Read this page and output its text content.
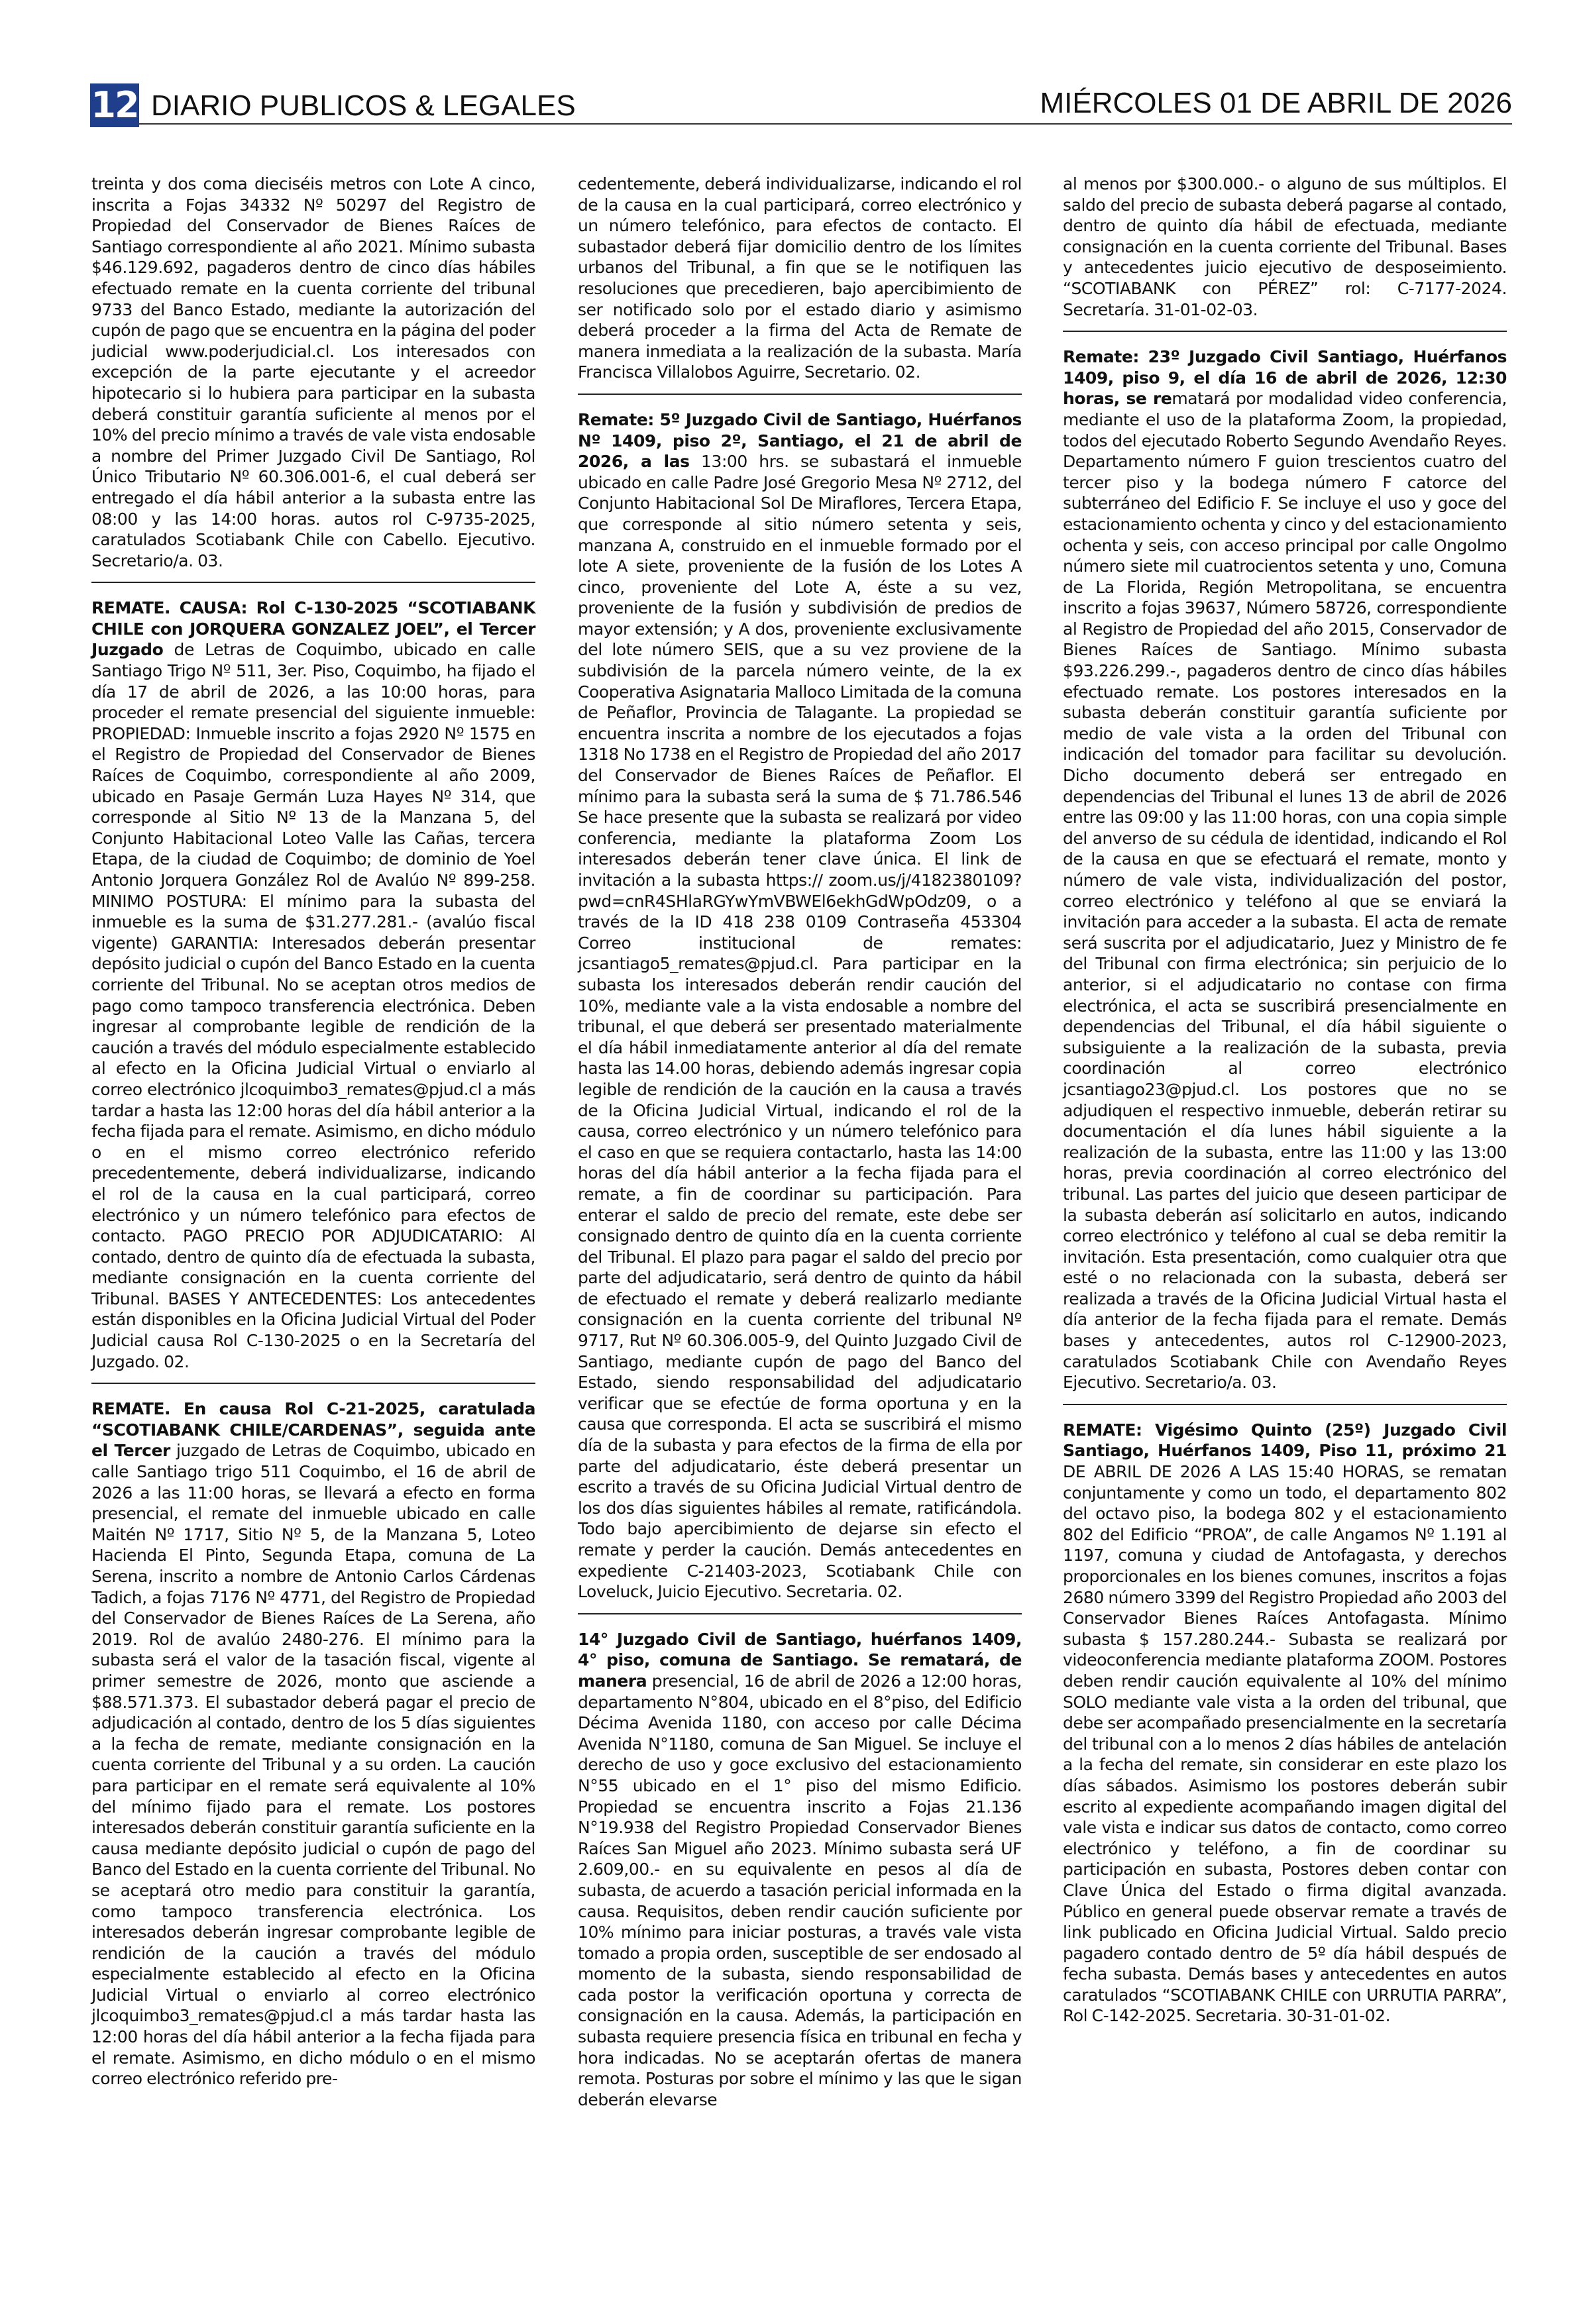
12 DIARIO PUBLICOS & LEGALES	MIÉRCOLES 01 DE ABRIL DE 2026

treinta y dos coma dieciséis metros con Lote A cinco, inscrita a Fojas 34332 Nº 50297 del Registro de Propiedad del Conservador de Bienes Raíces de Santiago correspondiente al año 2021. Mínimo subasta $46.129.692, pagaderos dentro de cinco días hábiles efectuado remate en la cuenta corriente del tribunal 9733 del Banco Estado, mediante la autorización del cupón de pago que se encuentra en la página del poder judicial www.poderjudicial.cl. Los interesados con excepción de la parte ejecutante y el acreedor hipotecario si lo hubiera para participar en la subasta deberá constituir garantía suficiente al menos por el 10% del precio mínimo a través de vale vista endosable a nombre del Primer Juzgado Civil De Santiago, Rol Único Tributario Nº 60.306.001-6, el cual deberá ser entregado el día hábil anterior a la subasta entre las 08:00 y las 14:00 horas. autos rol C-9735-2025, caratulados Scotiabank Chile con Cabello. Ejecutivo. Secretario/a. 03.

REMATE. CAUSA: Rol C-130-2025 “SCOTIABANK CHILE con JORQUERA GONZALEZ JOEL”, el Tercer Juzgado de Letras de Coquimbo, ubicado en calle Santiago Trigo Nº 511, 3er. Piso, Coquimbo, ha fijado el día 17 de abril de 2026, a las 10:00 horas, para proceder el remate presencial del siguiente inmueble: PROPIEDAD: Inmueble inscrito a fojas 2920 Nº 1575 en el Registro de Propiedad del Conservador de Bienes Raíces de Coquimbo, correspondiente al año 2009, ubicado en Pasaje Germán Luza Hayes Nº 314, que corresponde al Sitio Nº 13 de la Manzana 5, del Conjunto Habitacional Loteo Valle las Cañas, tercera Etapa, de la ciudad de Coquimbo; de dominio de Yoel Antonio Jorquera González Rol de Avalúo Nº 899-258. MINIMO POSTURA: El mínimo para la subasta del inmueble es la suma de $31.277.281.- (avalúo fiscal vigente) GARANTIA: Interesados deberán presentar depósito judicial o cupón del Banco Estado en la cuenta corriente del Tribunal. No se aceptan otros medios de pago como tampoco transferencia electrónica. Deben ingresar al comprobante legible de rendición de la caución a través del módulo especialmente establecido al efecto en la Oficina Judicial Virtual o enviarlo al correo electrónico jlcoquimbo3_remates@pjud.cl a más tardar a hasta las 12:00 horas del día hábil anterior a la fecha fijada para el remate. Asimismo, en dicho módulo o en el mismo correo electrónico referido precedentemente, deberá individualizarse, indicando el rol de la causa en la cual participará, correo electrónico y un número telefónico para efectos de contacto. PAGO PRECIO POR ADJUDICATARIO: Al contado, dentro de quinto día de efectuada la subasta, mediante consignación en la cuenta corriente del Tribunal. BASES Y ANTECEDENTES: Los antecedentes están disponibles en la Oficina Judicial Virtual del Poder Judicial causa Rol C-130-2025 o en la Secretaría del Juzgado. 02.

REMATE. En causa Rol C-21-2025, caratulada “SCOTIABANK CHILE/CARDENAS”, seguida ante el Tercer juzgado de Letras de Coquimbo, ubicado en calle Santiago trigo 511 Coquimbo, el 16 de abril de 2026 a las 11:00 horas, se llevará a efecto en forma presencial, el remate del inmueble ubicado en calle Maitén Nº 1717, Sitio Nº 5, de la Manzana 5, Loteo Hacienda El Pinto, Segunda Etapa, comuna de La Serena, inscrito a nombre de Antonio Carlos Cárdenas Tadich, a fojas 7176 Nº 4771, del Registro de Propiedad del Conservador de Bienes Raíces de La Serena, año 2019. Rol de avalúo 2480-276. El mínimo para la subasta será el valor de la tasación fiscal, vigente al primer semestre de 2026, monto que asciende a $88.571.373. El subastador deberá pagar el precio de adjudicación al contado, dentro de los 5 días siguientes a la fecha de remate, mediante consignación en la cuenta corriente del Tribunal y a su orden. La caución para participar en el remate será equivalente al 10% del mínimo fijado para el remate. Los postores interesados deberán constituir garantía suficiente en la causa mediante depósito judicial o cupón de pago del Banco del Estado en la cuenta corriente del Tribunal. No se aceptará otro medio para constituir la garantía, como tampoco transferencia electrónica. Los interesados deberán ingresar comprobante legible de rendición de la caución a través del módulo especialmente establecido al efecto en la Oficina Judicial Virtual o enviarlo al correo electrónico jlcoquimbo3_remates@pjud.cl a más tardar hasta las 12:00 horas del día hábil anterior a la fecha fijada para el remate. Asimismo, en dicho módulo o en el mismo correo electrónico referido pre-

cedentemente, deberá individualizarse, indicando el rol de la causa en la cual participará, correo electrónico y un número telefónico, para efectos de contacto. El subastador deberá fijar domicilio dentro de los límites urbanos del Tribunal, a fin que se le notifiquen las resoluciones que precedieren, bajo apercibimiento de ser notificado solo por el estado diario y asimismo deberá proceder a la firma del Acta de Remate de manera inmediata a la realización de la subasta. María Francisca Villalobos Aguirre, Secretario. 02.

Remate: 5º Juzgado Civil de Santiago, Huérfanos Nº 1409, piso 2º, Santiago, el 21 de abril de 2026, a las 13:00 hrs. se subastará el inmueble ubicado en calle Padre José Gregorio Mesa Nº 2712, del Conjunto Habitacional Sol De Miraflores, Tercera Etapa, que corresponde al sitio número setenta y seis, manzana A, construido en el inmueble formado por el lote A siete, proveniente de la fusión de los Lotes A cinco, proveniente del Lote A, éste a su vez, proveniente de la fusión y subdivisión de predios de mayor extensión; y A dos, proveniente exclusivamente del lote número SEIS, que a su vez proviene de la subdivisión de la parcela número veinte, de la ex Cooperativa Asignataria Malloco Limitada de la comuna de Peñaflor, Provincia de Talagante. La propiedad se encuentra inscrita a nombre de los ejecutados a fojas 1318 No 1738 en el Registro de Propiedad del año 2017 del Conservador de Bienes Raíces de Peñaflor. El mínimo para la subasta será la suma de $ 71.786.546 Se hace presente que la subasta se realizará por video conferencia, mediante la plataforma Zoom Los interesados deberán tener clave única. El link de invitación a la subasta https:// zoom.us/j/4182380109?pwd=cnR4SHlaRGYwYmVBWEl6ekhGdWpOdz09, o a través de la ID 418 238 0109 Contraseña 453304 Correo institucional de remates: jcsantiago5_remates@pjud.cl. Para participar en la subasta los interesados deberán rendir caución del 10%, mediante vale a la vista endosable a nombre del tribunal, el que deberá ser presentado materialmente el día hábil inmediatamente anterior al día del remate hasta las 14.00 horas, debiendo además ingresar copia legible de rendición de la caución en la causa a través de la Oficina Judicial Virtual, indicando el rol de la causa, correo electrónico y un número telefónico para el caso en que se requiera contactarlo, hasta las 14:00 horas del día hábil anterior a la fecha fijada para el remate, a fin de coordinar su participación. Para enterar el saldo de precio del remate, este debe ser consignado dentro de quinto día en la cuenta corriente del Tribunal. El plazo para pagar el saldo del precio por parte del adjudicatario, será dentro de quinto da hábil de efectuado el remate y deberá realizarlo mediante consignación en la cuenta corriente del tribunal Nº 9717, Rut Nº 60.306.005-9, del Quinto Juzgado Civil de Santiago, mediante cupón de pago del Banco del Estado, siendo responsabilidad del adjudicatario verificar que se efectúe de forma oportuna y en la causa que corresponda. El acta se suscribirá el mismo día de la subasta y para efectos de la firma de ella por parte del adjudicatario, éste deberá presentar un escrito a través de su Oficina Judicial Virtual dentro de los dos días siguientes hábiles al remate, ratificándola. Todo bajo apercibimiento de dejarse sin efecto el remate y perder la caución. Demás antecedentes en expediente C-21403-2023, Scotiabank Chile con Loveluck, Juicio Ejecutivo. Secretaria. 02.

14° Juzgado Civil de Santiago, huérfanos 1409, 4° piso, comuna de Santiago. Se rematará, de manera presencial, 16 de abril de 2026 a 12:00 horas, departamento N°804, ubicado en el 8°piso, del Edificio Décima Avenida 1180, con acceso por calle Décima Avenida N°1180, comuna de San Miguel. Se incluye el derecho de uso y goce exclusivo del estacionamiento N°55 ubicado en el 1° piso del mismo Edificio. Propiedad se encuentra inscrito a Fojas 21.136 N°19.938 del Registro Propiedad Conservador Bienes Raíces San Miguel año 2023. Mínimo subasta será UF 2.609,00.- en su equivalente en pesos al día de subasta, de acuerdo a tasación pericial informada en la causa. Requisitos, deben rendir caución suficiente por 10% mínimo para iniciar posturas, a través vale vista tomado a propia orden, susceptible de ser endosado al momento de la subasta, siendo responsabilidad de cada postor la verificación oportuna y correcta de consignación en la causa. Además, la participación en subasta requiere presencia física en tribunal en fecha y hora indicadas. No se aceptarán ofertas de manera remota. Posturas por sobre el mínimo y las que le sigan deberán elevarse

al menos por $300.000.- o alguno de sus múltiplos. El saldo del precio de subasta deberá pagarse al contado, dentro de quinto día hábil de efectuada, mediante consignación en la cuenta corriente del Tribunal. Bases y antecedentes juicio ejecutivo de desposeimiento. “SCOTIABANK con PÉREZ” rol: C-7177-2024. Secretaría. 31-01-02-03.

Remate: 23º Juzgado Civil Santiago, Huérfanos 1409, piso 9, el día 16 de abril de 2026, 12:30 horas, se rematará por modalidad video conferencia, mediante el uso de la plataforma Zoom, la propiedad, todos del ejecutado Roberto Segundo Avendaño Reyes. Departamento número F guion trescientos cuatro del tercer piso y la bodega número F catorce del subterráneo del Edificio F. Se incluye el uso y goce del estacionamiento ochenta y cinco y del estacionamiento ochenta y seis, con acceso principal por calle Ongolmo número siete mil cuatrocientos setenta y uno, Comuna de La Florida, Región Metropolitana, se encuentra inscrito a fojas 39637, Número 58726, correspondiente al Registro de Propiedad del año 2015, Conservador de Bienes Raíces de Santiago. Mínimo subasta $93.226.299.-, pagaderos dentro de cinco días hábiles efectuado remate. Los postores interesados en la subasta deberán constituir garantía suficiente por medio de vale vista a la orden del Tribunal con indicación del tomador para facilitar su devolución. Dicho documento deberá ser entregado en dependencias del Tribunal el lunes 13 de abril de 2026 entre las 09:00 y las 11:00 horas, con una copia simple del anverso de su cédula de identidad, indicando el Rol de la causa en que se efectuará el remate, monto y número de vale vista, individualización del postor, correo electrónico y teléfono al que se enviará la invitación para acceder a la subasta. El acta de remate será suscrita por el adjudicatario, Juez y Ministro de fe del Tribunal con firma electrónica; sin perjuicio de lo anterior, si el adjudicatario no contase con firma electrónica, el acta se suscribirá presencialmente en dependencias del Tribunal, el día hábil siguiente o subsiguiente a la realización de la subasta, previa coordinación al correo electrónico jcsantiago23@pjud.cl. Los postores que no se adjudiquen el respectivo inmueble, deberán retirar su documentación el día lunes hábil siguiente a la realización de la subasta, entre las 11:00 y las 13:00 horas, previa coordinación al correo electrónico del tribunal. Las partes del juicio que deseen participar de la subasta deberán así solicitarlo en autos, indicando correo electrónico y teléfono al cual se deba remitir la invitación. Esta presentación, como cualquier otra que esté o no relacionada con la subasta, deberá ser realizada a través de la Oficina Judicial Virtual hasta el día anterior de la fecha fijada para el remate. Demás bases y antecedentes, autos rol C-12900-2023, caratulados Scotiabank Chile con Avendaño Reyes Ejecutivo. Secretario/a. 03.

REMATE: Vigésimo Quinto (25º) Juzgado Civil Santiago, Huérfanos 1409, Piso 11, próximo 21 DE ABRIL DE 2026 A LAS 15:40 HORAS, se rematan conjuntamente y como un todo, el departamento 802 del octavo piso, la bodega 802 y el estacionamiento 802 del Edificio “PROA”, de calle Angamos Nº 1.191 al 1197, comuna y ciudad de Antofagasta, y derechos proporcionales en los bienes comunes, inscritos a fojas 2680 número 3399 del Registro Propiedad año 2003 del Conservador Bienes Raíces Antofagasta. Mínimo subasta $ 157.280.244.- Subasta se realizará por videoconferencia mediante plataforma ZOOM. Postores deben rendir caución equivalente al 10% del mínimo SOLO mediante vale vista a la orden del tribunal, que debe ser acompañado presencialmente en la secretaría del tribunal con a lo menos 2 días hábiles de antelación a la fecha del remate, sin considerar en este plazo los días sábados. Asimismo los postores deberán subir escrito al expediente acompañando imagen digital del vale vista e indicar sus datos de contacto, como correo electrónico y teléfono, a fin de coordinar su participación en subasta, Postores deben contar con Clave Única del Estado o firma digital avanzada. Público en general puede observar remate a través de link publicado en Oficina Judicial Virtual. Saldo precio pagadero contado dentro de 5º día hábil después de fecha subasta. Demás bases y antecedentes en autos caratulados “SCOTIABANK CHILE con URRUTIA PARRA”, Rol C-142-2025. Secretaria. 30-31-01-02.
